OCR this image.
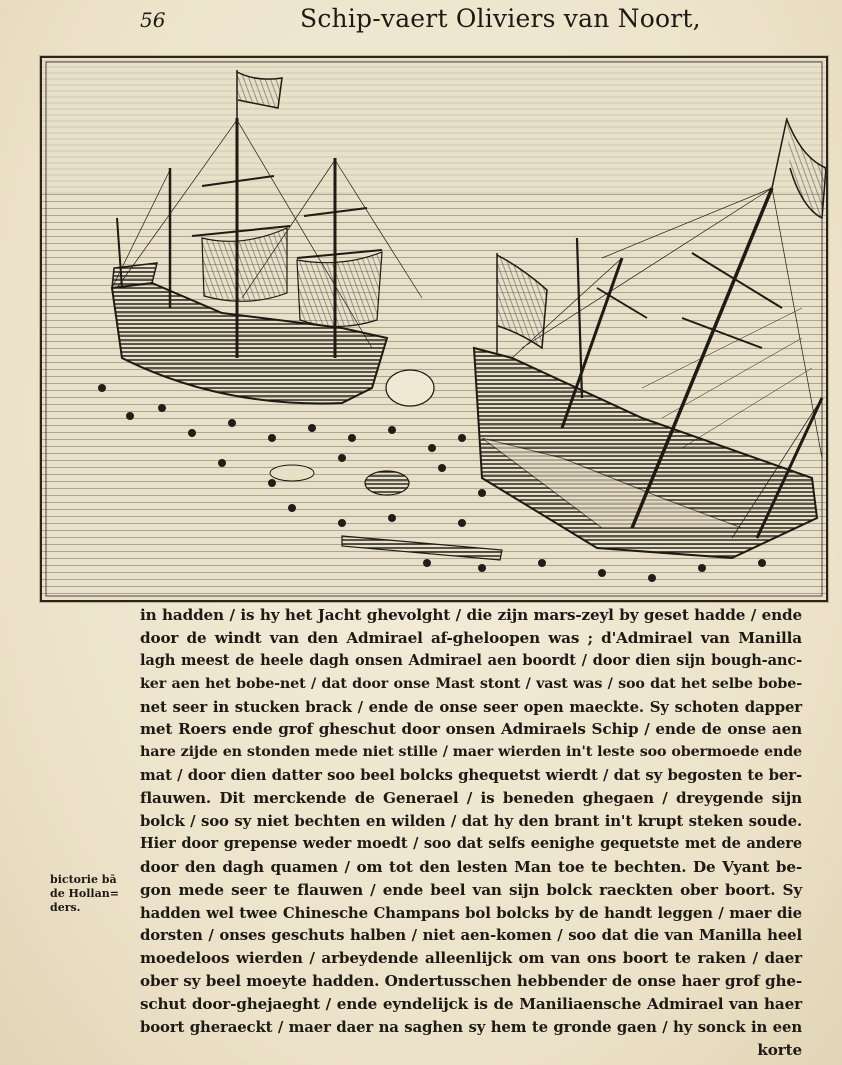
56	Schip-vaert Oliviers van Noort,
in hadden / is hy het Jacht ghevolght / die zijn mars-zeyl by geset hadde / ende
door de windt van den Admirael af-gheloopen was ; d'Admirael van Manilla
lagh meest de heele dagh onsen Admirael aen boordt / door dien sijn bough-anc-
ker aen het bobe-net / dat door onse Mast stont / vast was / soo dat het selbe bobe-
net seer in stucken brack / ende de onse seer open maeckte. Sy schoten dapper
met Roers ende grof gheschut door onsen Admiraels Schip / ende de onse aen
hare zijde en stonden mede niet stille / maer wierden in't leste soo obermoede ende
mat / door dien datter soo beel bolcks ghequetst wierdt / dat sy begosten te ber-
flauwen. Dit merckende de Generael / is beneden ghegaen / dreygende sijn
bolck / soo sy niet bechten en wilden / dat hy den brant in't krupt steken soude.
Hier door grepense weder moedt / soo dat selfs eenighe gequetste met de andere
door den dagh quamen / om tot den lesten Man toe te bechten. De Vyant be-
gon mede seer te flauwen / ende beel van sijn bolck raeckten ober boort. Sy
hadden wel twee Chinesche Champans bol bolcks by de handt leggen / maer die
dorsten / onses geschuts halben / niet aen-komen / soo dat die van Manilla heel
moedeloos wierden / arbeydende alleenlijck om van ons boort te raken / daer
ober sy beel moeyte hadden. Ondertusschen hebbender de onse haer grof ghe-
schut door-ghejaeght / ende eyndelijck is de Maniliaensche Admirael van haer
boort gheraeckt / maer daer na saghen sy hem te gronde gaen / hy sonck in een
korte
bictorie bā
de Hollan=
ders.
